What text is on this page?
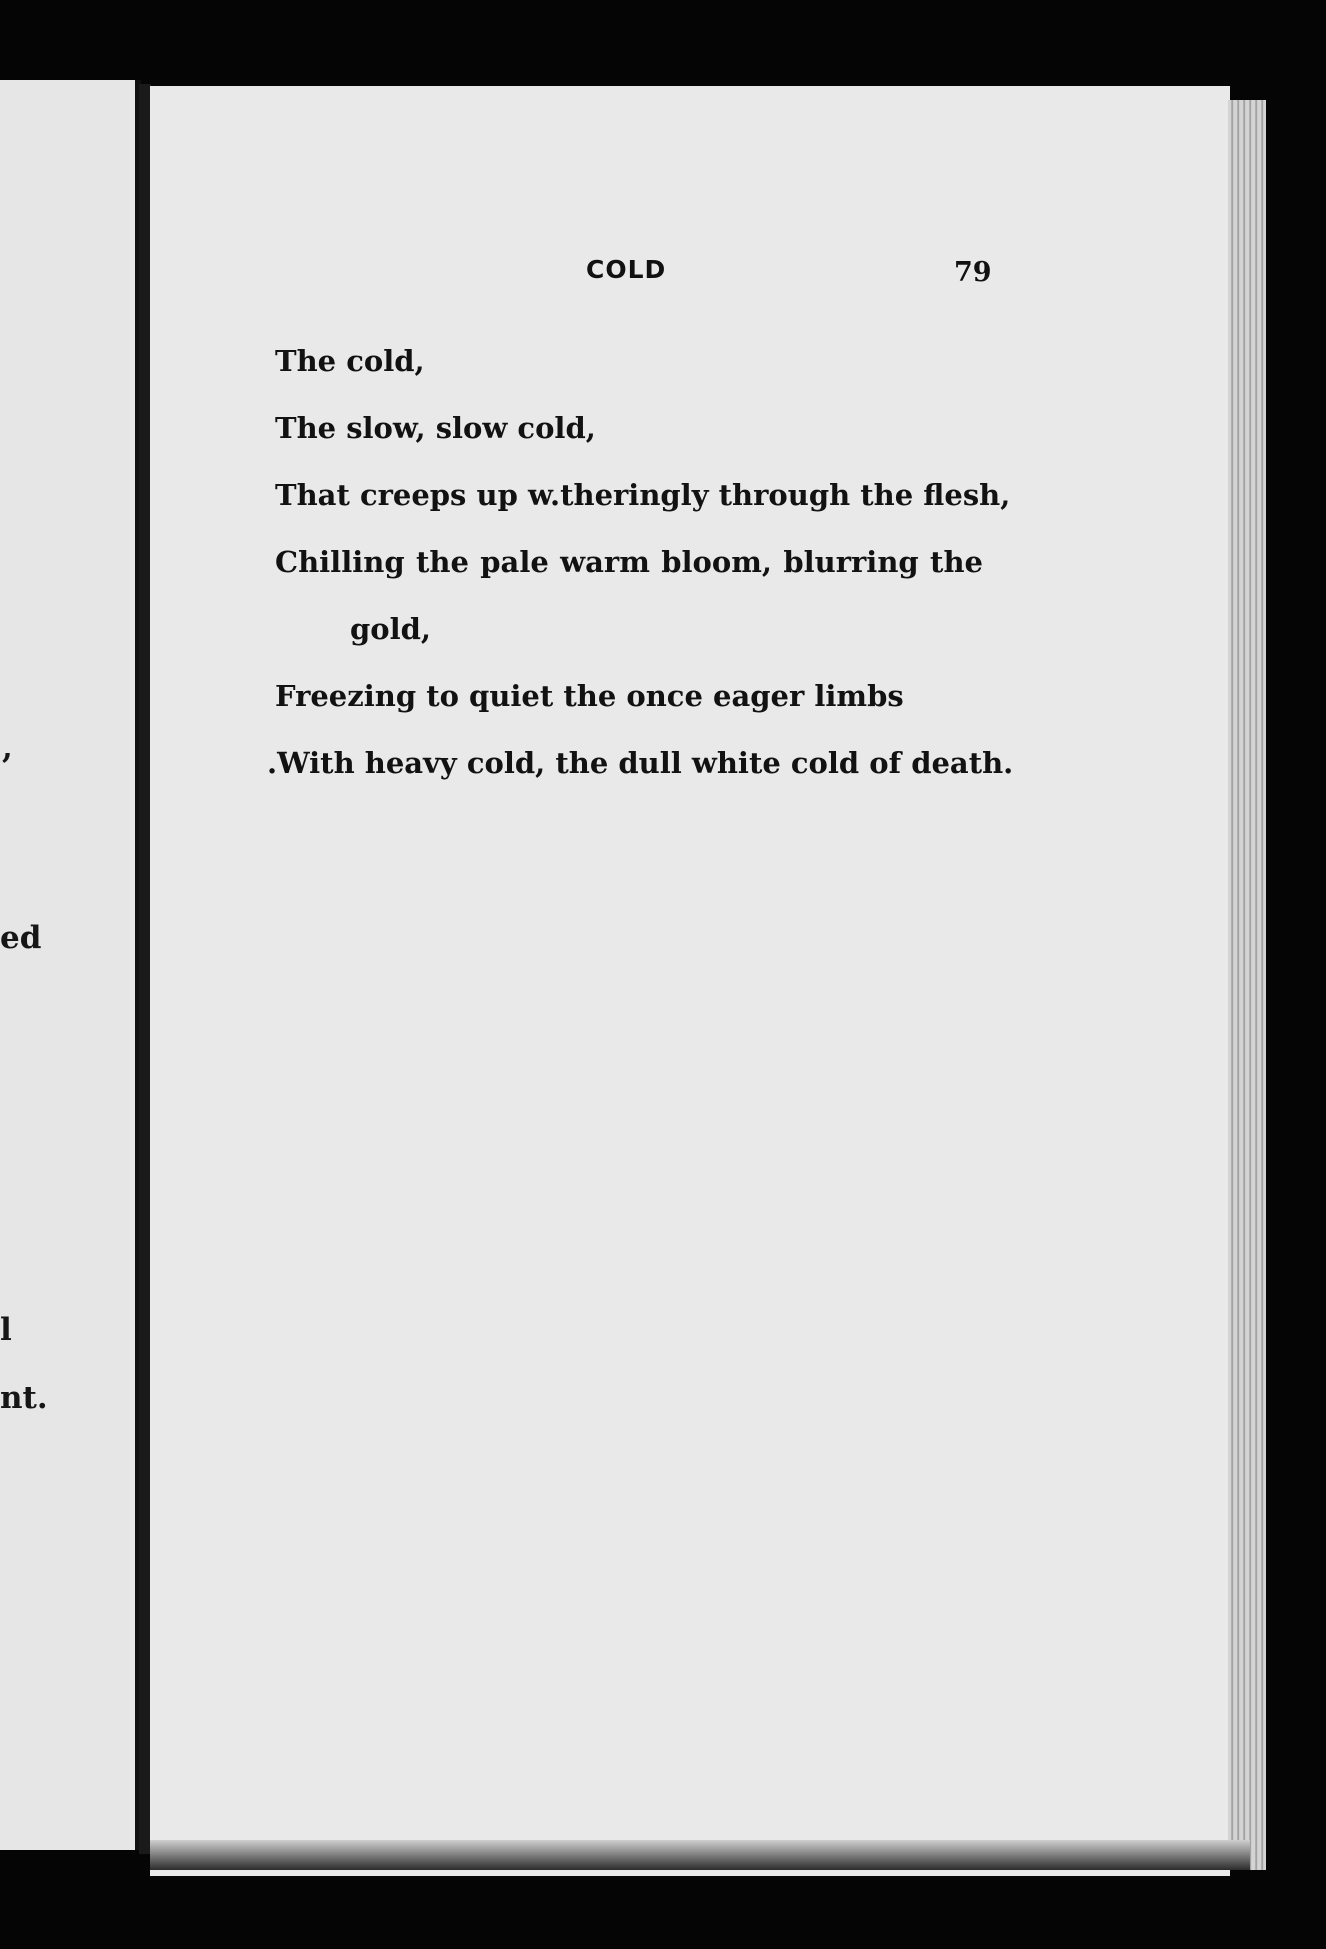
,

ed

l

nt.

COLD	79

The cold,
The slow, slow cold,
That creeps up w.theringly through the flesh,
Chilling the pale warm bloom, blurring the
gold,
Freezing to quiet the once eager limbs
.With heavy cold, the dull white cold of death.
